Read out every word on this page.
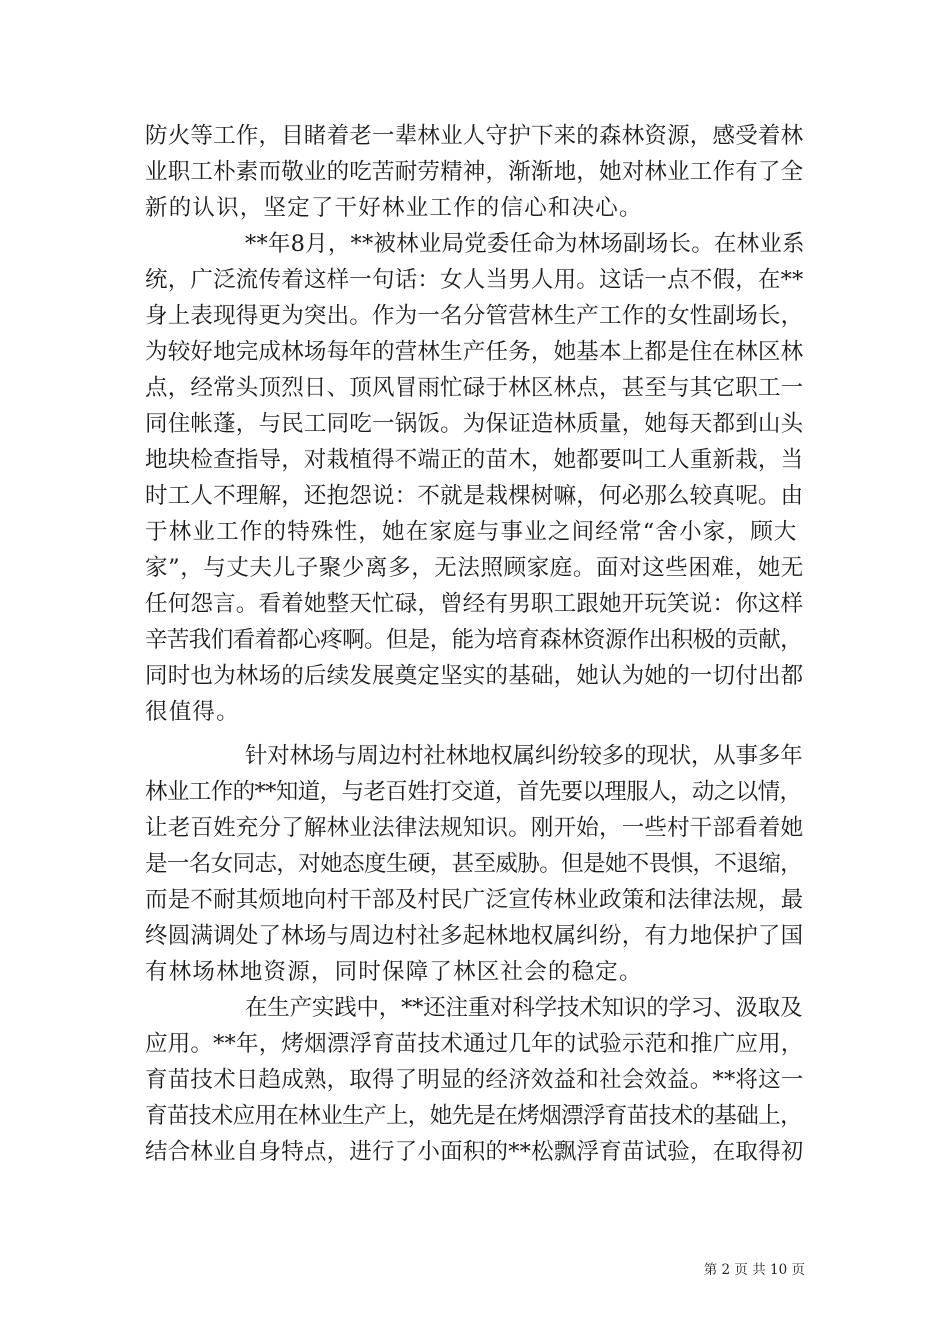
防火等工作，目睹着老一辈林业人守护下来的森林资源，感受着林
业职工朴素而敬业的吃苦耐劳精神，渐渐地，她对林业工作有了全
新的认识，坚定了干好林业工作的信心和决心。
**年8月，**被林业局党委任命为林场副场长。在林业系
统，广泛流传着这样一句话：女人当男人用。这话一点不假，在**
身上表现得更为突出。作为一名分管营林生产工作的女性副场长，
为较好地完成林场每年的营林生产任务，她基本上都是住在林区林
点，经常头顶烈日、顶风冒雨忙碌于林区林点，甚至与其它职工一
同住帐蓬，与民工同吃一锅饭。为保证造林质量，她每天都到山头
地块检查指导，对栽植得不端正的苗木，她都要叫工人重新栽，当
时工人不理解，还抱怨说：不就是栽棵树嘛，何必那么较真呢。由
于林业工作的特殊性，她在家庭与事业之间经常“舍小家，顾大
家”，与丈夫儿子聚少离多，无法照顾家庭。面对这些困难，她无
任何怨言。看着她整天忙碌，曾经有男职工跟她开玩笑说：你这样
辛苦我们看着都心疼啊。但是，能为培育森林资源作出积极的贡献，
同时也为林场的后续发展奠定坚实的基础，她认为她的一切付出都
很值得。
针对林场与周边村社林地权属纠纷较多的现状，从事多年
林业工作的**知道，与老百姓打交道，首先要以理服人，动之以情，
让老百姓充分了解林业法律法规知识。刚开始，一些村干部看着她
是一名女同志，对她态度生硬，甚至威胁。但是她不畏惧，不退缩，
而是不耐其烦地向村干部及村民广泛宣传林业政策和法律法规，最
终圆满调处了林场与周边村社多起林地权属纠纷，有力地保护了国
有林场林地资源，同时保障了林区社会的稳定。
在生产实践中，**还注重对科学技术知识的学习、汲取及
应用。**年，烤烟漂浮育苗技术通过几年的试验示范和推广应用，
育苗技术日趋成熟，取得了明显的经济效益和社会效益。**将这一
育苗技术应用在林业生产上，她先是在烤烟漂浮育苗技术的基础上，
结合林业自身特点，进行了小面积的**松飘浮育苗试验，在取得初
第 2 页 共 10 页
